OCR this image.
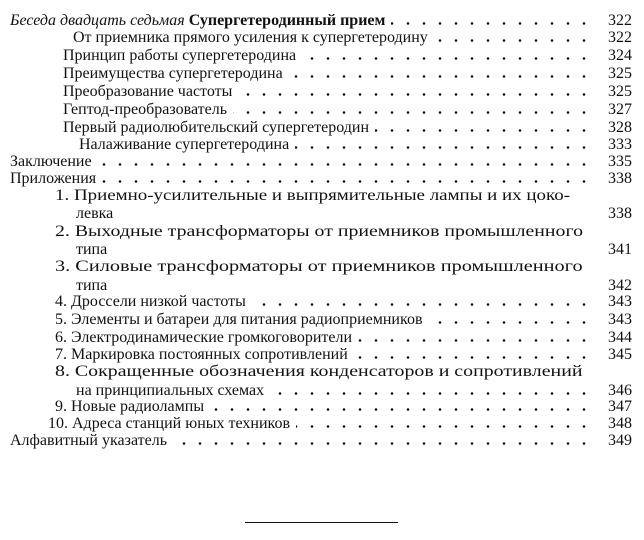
Беседа двадцать седьмая Супергетеродинный прием	322
От приемника прямого усиления к супергетеродину	322
Принцип работы супергетеродина	324
Преимущества супергетеродина	325
Преобразование частоты	325
Гептод-преобразователь	327
Первый радиолюбительский супергетеродин	328
Налаживание супергетеродина	333
Заключение	335
Приложения	338
1. Приемно-усилительные и выпрямительные лампы и их цоко-
левка	338
2. Выходные трансформаторы от приемников промышленного
типа	341
3. Силовые трансформаторы от приемников промышленного
типа	342
4. Дроссели низкой частоты	343
5. Элементы и батареи для питания радиоприемников	343
6. Электродинамические громкоговорители	344
7. Маркировка постоянных сопротивлений	345
8. Сокращенные обозначения конденсаторов и сопротивлений
на принципиальных схемах	346
9. Новые радиолампы	347
10. Адреса станций юных техников	348
Алфавитный указатель	349
